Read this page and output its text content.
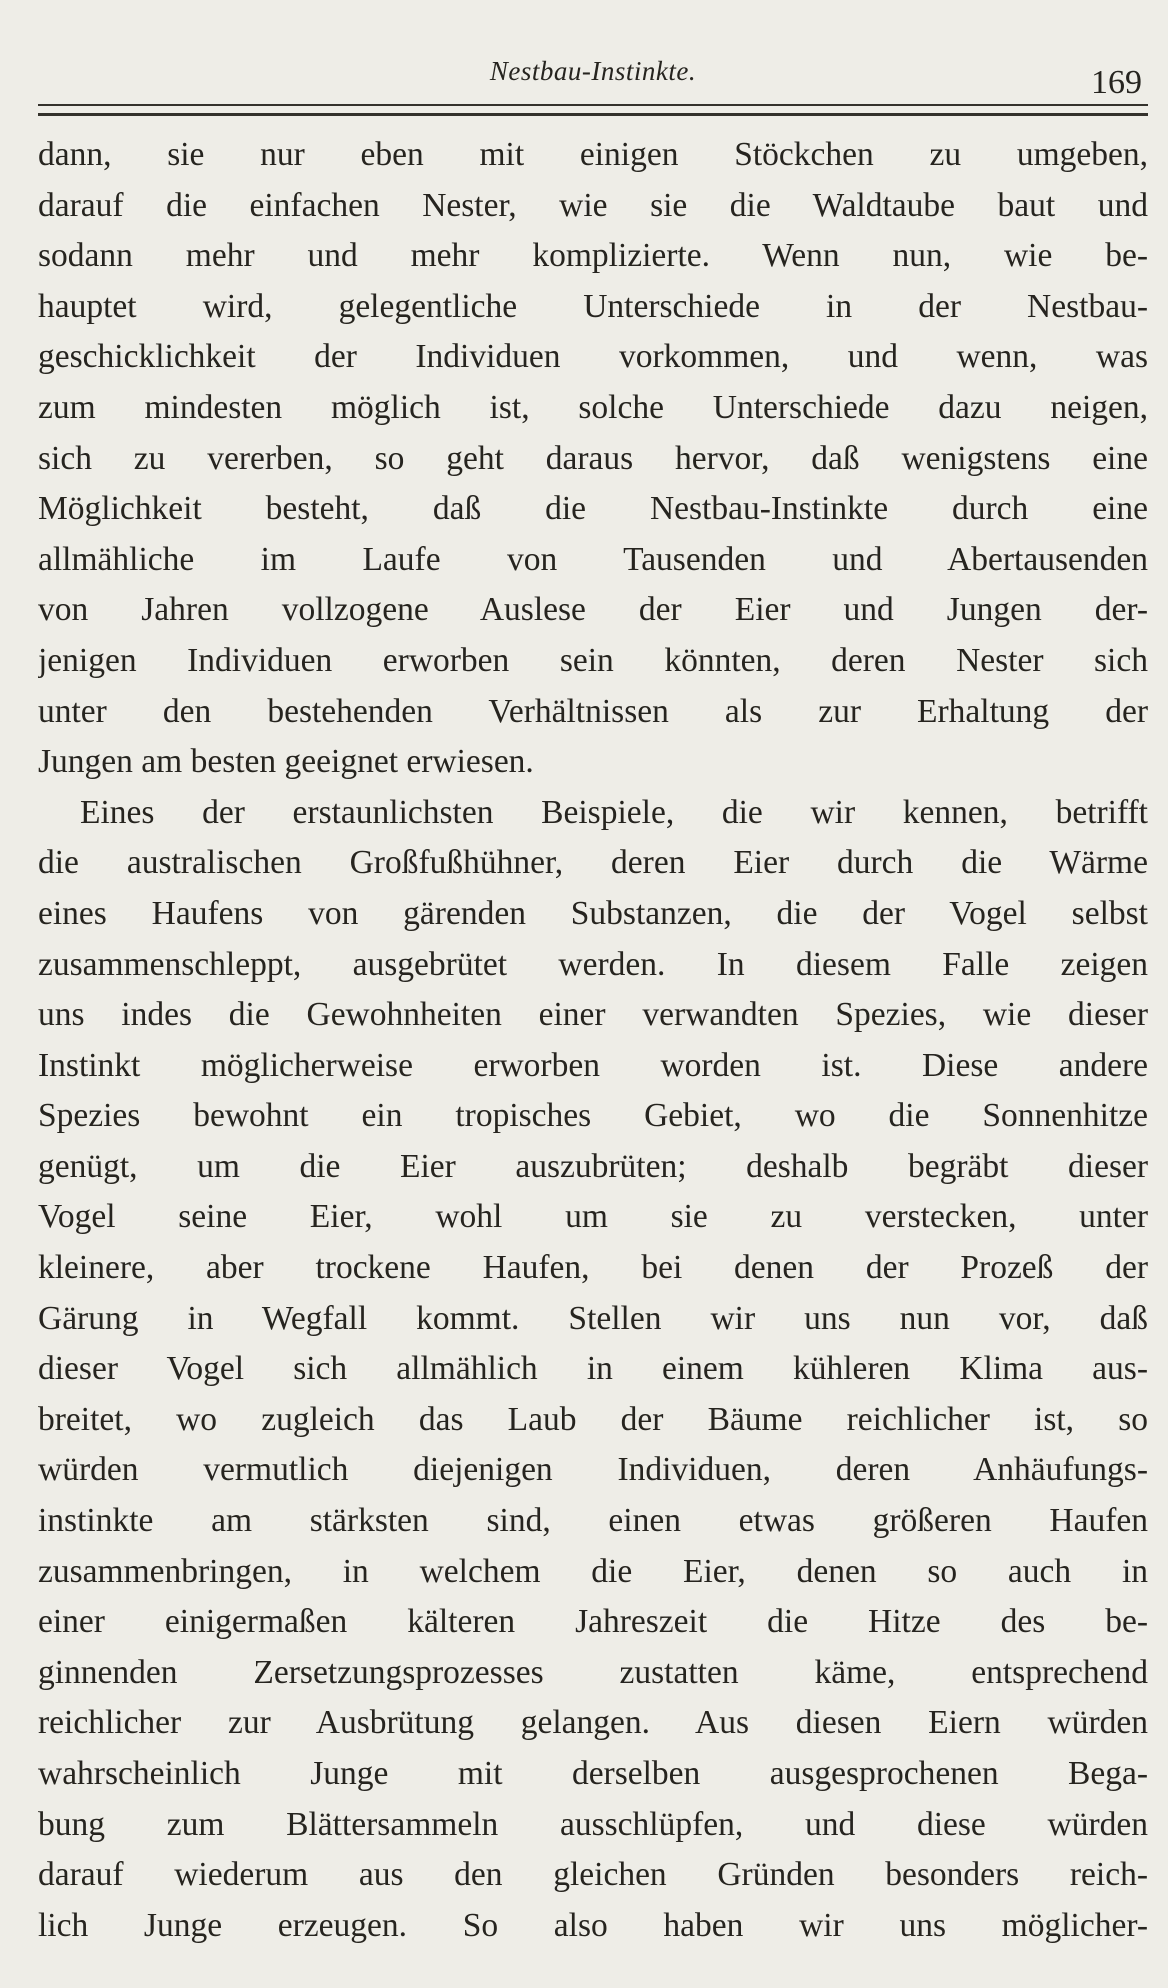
Nestbau-Instinkte.	169
dann, sie nur eben mit einigen Stöckchen zu umgeben,
darauf die einfachen Nester, wie sie die Waldtaube baut und
sodann mehr und mehr komplizierte. Wenn nun, wie be-
hauptet wird, gelegentliche Unterschiede in der Nestbau-
geschicklichkeit der Individuen vorkommen, und wenn, was
zum mindesten möglich ist, solche Unterschiede dazu neigen,
sich zu vererben, so geht daraus hervor, daß wenigstens eine
Möglichkeit besteht, daß die Nestbau-Instinkte durch eine
allmähliche im Laufe von Tausenden und Abertausenden
von Jahren vollzogene Auslese der Eier und Jungen der-
jenigen Individuen erworben sein könnten, deren Nester sich
unter den bestehenden Verhältnissen als zur Erhaltung der
Jungen am besten geeignet erwiesen.
Eines der erstaunlichsten Beispiele, die wir kennen, betrifft
die australischen Großfußhühner, deren Eier durch die Wärme
eines Haufens von gärenden Substanzen, die der Vogel selbst
zusammenschleppt, ausgebrütet werden. In diesem Falle zeigen
uns indes die Gewohnheiten einer verwandten Spezies, wie dieser
Instinkt möglicherweise erworben worden ist. Diese andere
Spezies bewohnt ein tropisches Gebiet, wo die Sonnenhitze
genügt, um die Eier auszubrüten; deshalb begräbt dieser
Vogel seine Eier, wohl um sie zu verstecken, unter
kleinere, aber trockene Haufen, bei denen der Prozeß der
Gärung in Wegfall kommt. Stellen wir uns nun vor, daß
dieser Vogel sich allmählich in einem kühleren Klima aus-
breitet, wo zugleich das Laub der Bäume reichlicher ist, so
würden vermutlich diejenigen Individuen, deren Anhäufungs-
instinkte am stärksten sind, einen etwas größeren Haufen
zusammenbringen, in welchem die Eier, denen so auch in
einer einigermaßen kälteren Jahreszeit die Hitze des be-
ginnenden Zersetzungsprozesses zustatten käme, entsprechend
reichlicher zur Ausbrütung gelangen. Aus diesen Eiern würden
wahrscheinlich Junge mit derselben ausgesprochenen Bega-
bung zum Blättersammeln ausschlüpfen, und diese würden
darauf wiederum aus den gleichen Gründen besonders reich-
lich Junge erzeugen. So also haben wir uns möglicher-
